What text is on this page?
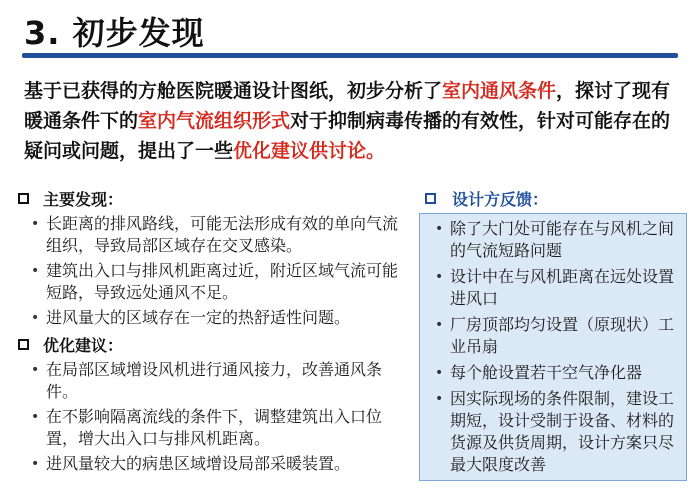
3. 初步发现
基于已获得的方舱医院暖通设计图纸，初步分析了室内通风条件，探讨了现有暖通条件下的室内气流组织形式对于抑制病毒传播的有效性，针对可能存在的疑问或问题，提出了一些优化建议供讨论。
主要发现：
• 长距离的排风路线，可能无法形成有效的单向气流组织，导致局部区域存在交叉感染。
• 建筑出入口与排风机距离过近，附近区域气流可能短路，导致远处通风不足。
• 进风量大的区域存在一定的热舒适性问题。
优化建议：
• 在局部区域增设风机进行通风接力，改善通风条件。
• 在不影响隔离流线的条件下，调整建筑出入口位置，增大出入口与排风机距离。
• 进风量较大的病患区域增设局部采暖装置。
设计方反馈：
• 除了大门处可能存在与风机之间的气流短路问题
• 设计中在与风机距离在远处设置进风口
• 厂房顶部均匀设置（原现状）工业吊扇
• 每个舱设置若干空气净化器
• 因实际现场的条件限制，建设工期短，设计受制于设备、材料的货源及供货周期，设计方案只尽最大限度改善
